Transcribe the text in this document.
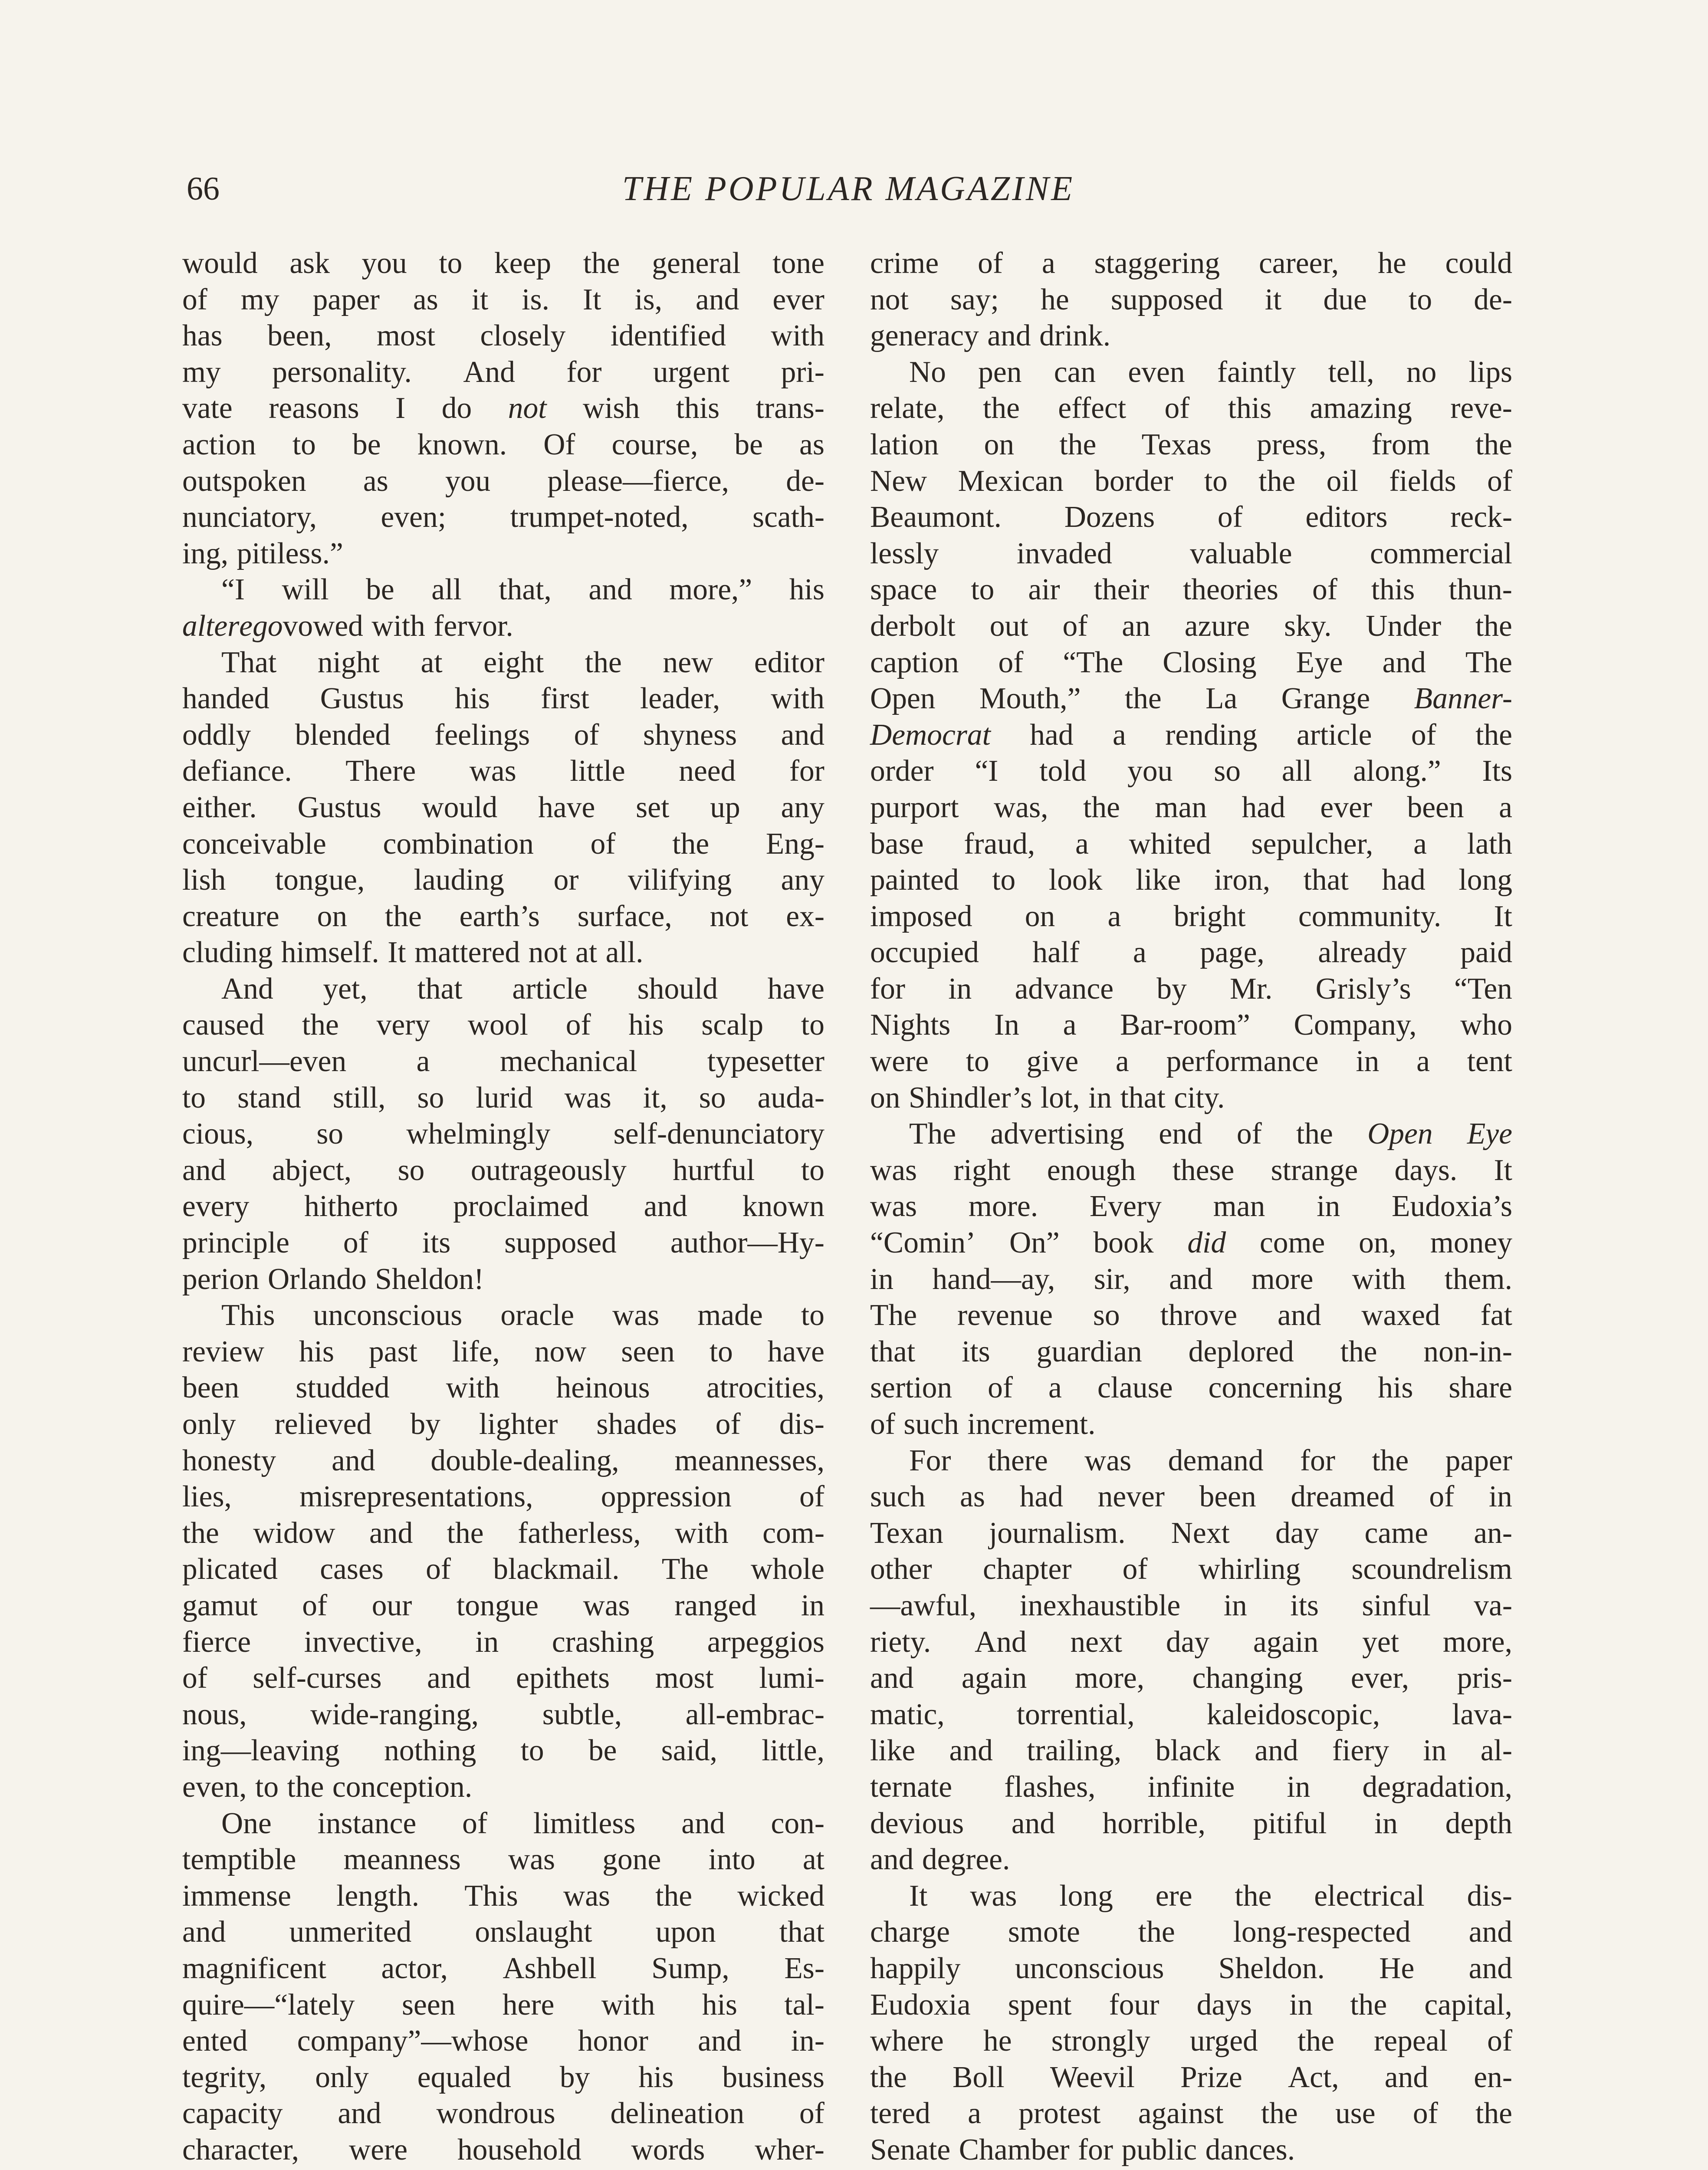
66	THE POPULAR MAGAZINE
would ask you to keep the general tone
of my paper as it is. It is, and ever
has been, most closely identified with
my personality. And for urgent pri-
vate reasons I do not wish this trans-
action to be known. Of course, be as
outspoken as you please—fierce, de-
nunciatory, even; trumpet-noted, scath-
ing, pitiless.”
“I will be all that, and more,” his
alter ego vowed with fervor.
That night at eight the new editor
handed Gustus his first leader, with
oddly blended feelings of shyness and
defiance. There was little need for
either. Gustus would have set up any
conceivable combination of the Eng-
lish tongue, lauding or vilifying any
creature on the earth’s surface, not ex-
cluding himself. It mattered not at all.
And yet, that article should have
caused the very wool of his scalp to
uncurl—even a mechanical typesetter
to stand still, so lurid was it, so auda-
cious, so whelmingly self-denunciatory
and abject, so outrageously hurtful to
every hitherto proclaimed and known
principle of its supposed author—Hy-
perion Orlando Sheldon!
This unconscious oracle was made to
review his past life, now seen to have
been studded with heinous atrocities,
only relieved by lighter shades of dis-
honesty and double-dealing, meannesses,
lies, misrepresentations, oppression of
the widow and the fatherless, with com-
plicated cases of blackmail. The whole
gamut of our tongue was ranged in
fierce invective, in crashing arpeggios
of self-curses and epithets most lumi-
nous, wide-ranging, subtle, all-embrac-
ing—leaving nothing to be said, little,
even, to the conception.
One instance of limitless and con-
temptible meanness was gone into at
immense length. This was the wicked
and unmerited onslaught upon that
magnificent actor, Ashbell Sump, Es-
quire—“lately seen here with his tal-
ented company”—whose honor and in-
tegrity, only equaled by his business
capacity and wondrous delineation of
character, were household words wher-
crime of a staggering career, he could
not say; he supposed it due to de-
generacy and drink.
No pen can even faintly tell, no lips
relate, the effect of this amazing reve-
lation on the Texas press, from the
New Mexican border to the oil fields of
Beaumont. Dozens of editors reck-
lessly	invaded	valuable	commercial
space to air their theories of this thun-
derbolt out of an azure sky. Under the
caption of “The Closing Eye and The
Open Mouth,” the La Grange Banner-
Democrat had a rending article of the
order “I told you so all along.” Its
purport was, the man had ever been a
base fraud, a whited sepulcher, a lath
painted to look like iron, that had long
imposed on a bright community. It
occupied half a page, already paid
for in advance by Mr. Grisly’s “Ten
Nights In a Bar-room” Company, who
were to give a performance in a tent
on Shindler’s lot, in that city.
The advertising end of the Open Eye
was right enough these strange days. It
was more. Every man in Eudoxia’s
“Comin’ On” book did come on, money
in hand—ay, sir, and more with them.
The revenue so throve and waxed fat
that its guardian deplored the non-in-
sertion of a clause concerning his share
of such increment.
For there was demand for the paper
such as had never been dreamed of in
Texan journalism. Next day came an-
other chapter of whirling scoundrelism
—awful, inexhaustible in its sinful va-
riety. And next day again yet more,
and again more, changing ever, pris-
matic, torrential, kaleidoscopic, lava-
like and trailing, black and fiery in al-
ternate flashes, infinite in degradation,
devious and horrible, pitiful in depth
and degree.
It was long ere the electrical dis-
charge smote the long-respected and
happily unconscious Sheldon. He and
Eudoxia spent four days in the capital,
where he strongly urged the repeal of
the Boll Weevil Prize Act, and en-
tered a protest against the use of the
Senate Chamber for public dances.
